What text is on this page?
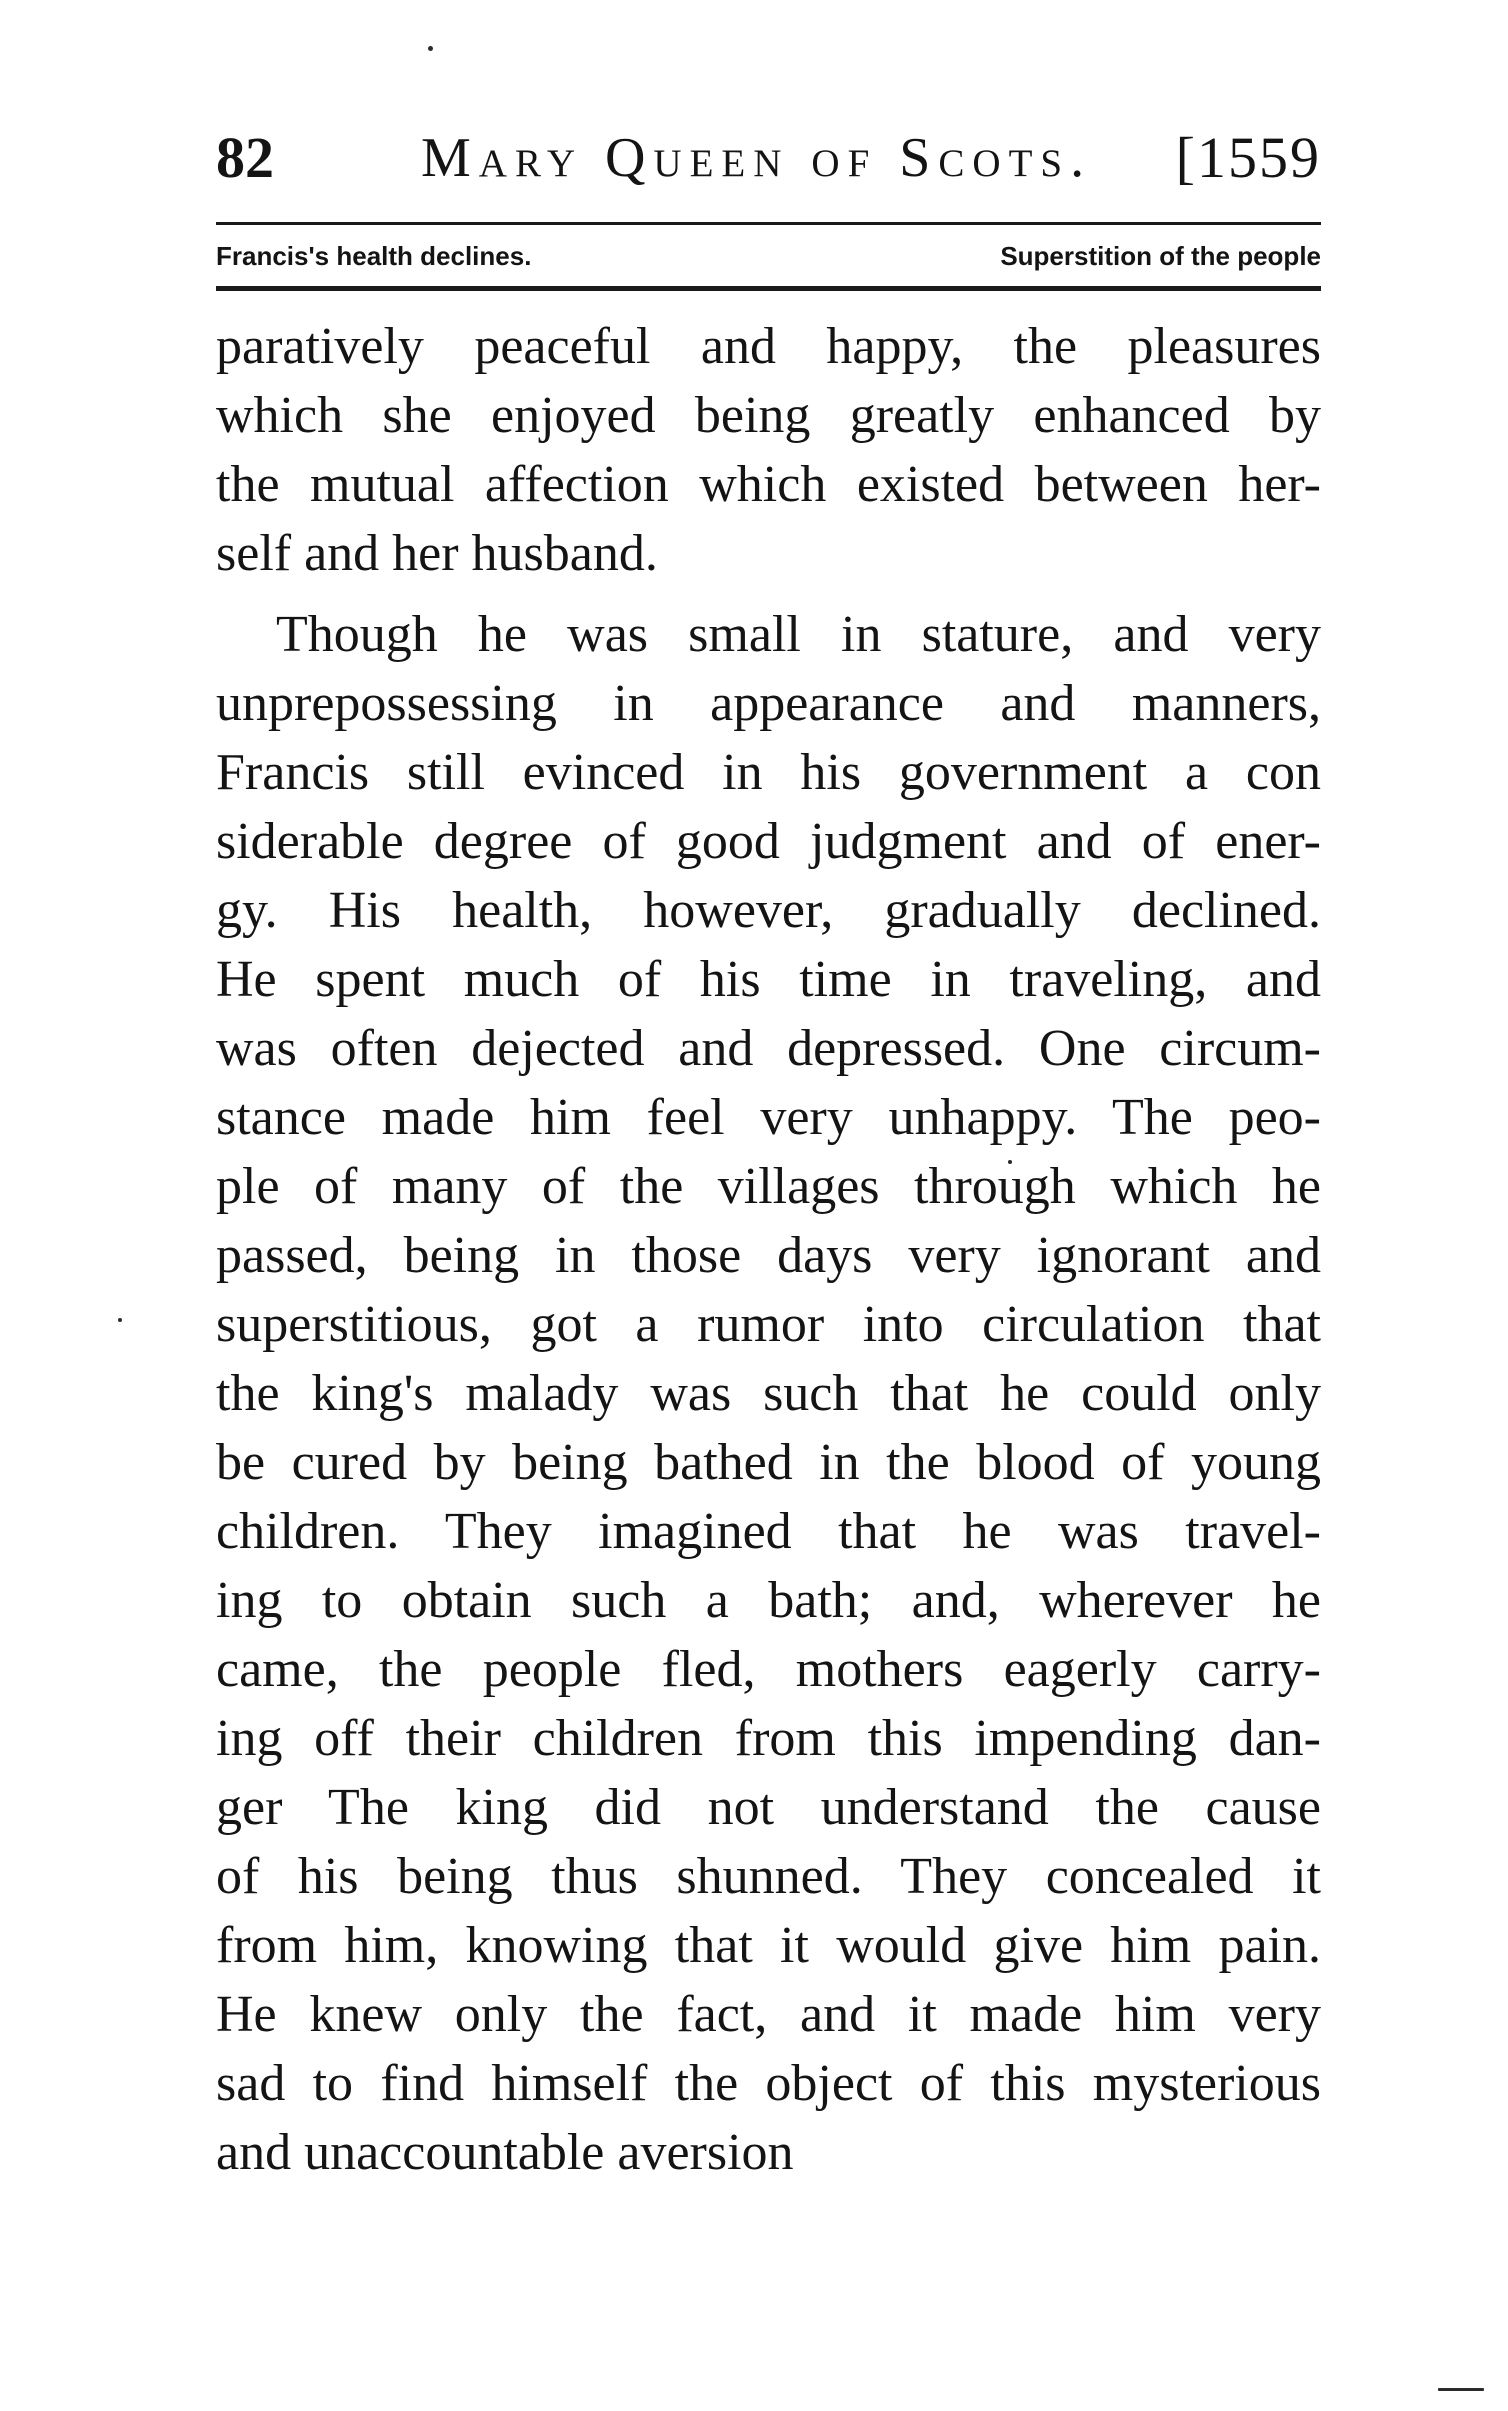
82	Mary Queen of Scots. [1559
Francis's health declines.	Superstition of the people
paratively peaceful and happy, the pleasures
which she enjoyed being greatly enhanced by
the mutual affection which existed between her-
self and her husband.
Though he was small in stature, and very
unprepossessing in appearance and manners,
Francis still evinced in his government a con
siderable degree of good judgment and of ener-
gy. His health, however, gradually declined.
He spent much of his time in traveling, and
was often dejected and depressed. One circum-
stance made him feel very unhappy. The peo-
ple of many of the villages through which he
passed, being in those days very ignorant and
superstitious, got a rumor into circulation that
the king's malady was such that he could only
be cured by being bathed in the blood of young
children. They imagined that he was travel-
ing to obtain such a bath; and, wherever he
came, the people fled, mothers eagerly carry-
ing off their children from this impending dan-
ger The king did not understand the cause
of his being thus shunned. They concealed it
from him, knowing that it would give him pain.
He knew only the fact, and it made him very
sad to find himself the object of this mysterious
and unaccountable aversion
